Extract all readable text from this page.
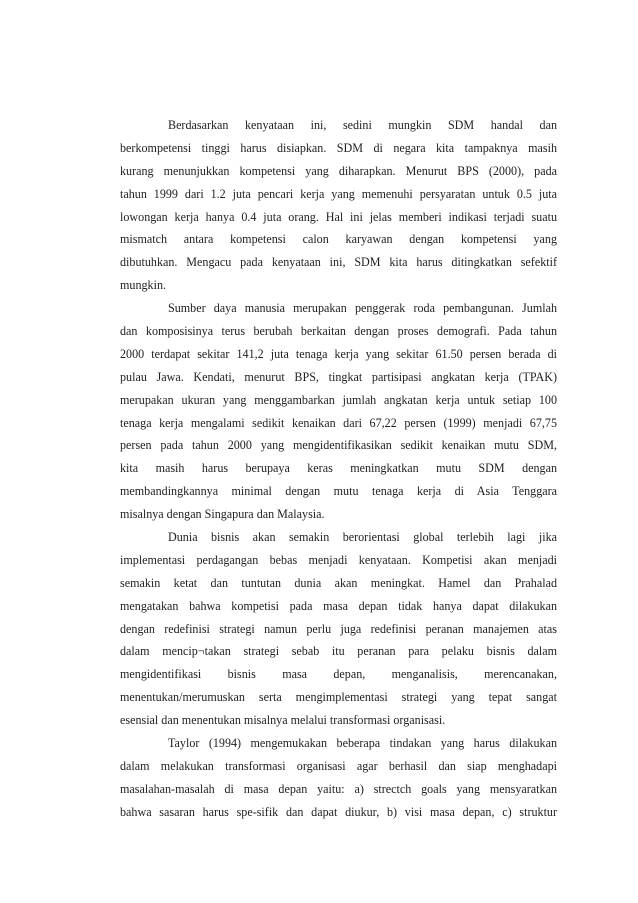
Berdasarkan kenyataan ini, sedini mungkin SDM handal dan
berkompetensi tinggi harus disiapkan. SDM di negara kita tampaknya masih
kurang menunjukkan kompetensi yang diharapkan. Menurut BPS (2000), pada
tahun 1999 dari 1.2 juta pencari kerja yang memenuhi persyaratan untuk 0.5 juta
lowongan kerja hanya 0.4 juta orang. Hal ini jelas memberi indikasi terjadi suatu
mismatch antara kompetensi calon karyawan dengan kompetensi yang
dibutuhkan. Mengacu pada kenyataan ini, SDM kita harus ditingkatkan sefektif
mungkin.
Sumber daya manusia merupakan penggerak roda pembangunan. Jumlah
dan komposisinya terus berubah berkaitan dengan proses demografi. Pada tahun
2000 terdapat sekitar 141,2 juta tenaga kerja yang sekitar 61.50 persen berada di
pulau Jawa. Kendati, menurut BPS, tingkat partisipasi angkatan kerja (TPAK)
merupakan ukuran yang menggambarkan jumlah angkatan kerja untuk setiap 100
tenaga kerja mengalami sedikit kenaikan dari 67,22 persen (1999) menjadi 67,75
persen pada tahun 2000 yang mengidentifikasikan sedikit kenaikan mutu SDM,
kita masih harus berupaya keras meningkatkan mutu SDM dengan
membandingkannya minimal dengan mutu tenaga kerja di Asia Tenggara
misalnya dengan Singapura dan Malaysia.
Dunia bisnis akan semakin berorientasi global terlebih lagi jika
implementasi perdagangan bebas menjadi kenyataan. Kompetisi akan menjadi
semakin ketat dan tuntutan dunia akan meningkat. Hamel dan Prahalad
mengatakan bahwa kompetisi pada masa depan tidak hanya dapat dilakukan
dengan redefinisi strategi namun perlu juga redefinisi peranan manajemen atas
dalam mencip¬takan strategi sebab itu peranan para pelaku bisnis dalam
mengidentifikasi bisnis masa depan, menganalisis, merencanakan,
menentukan/merumuskan serta mengimplementasi strategi yang tepat sangat
esensial dan menentukan misalnya melalui transformasi organisasi.
Taylor (1994) mengemukakan beberapa tindakan yang harus dilakukan
dalam melakukan transformasi organisasi agar berhasil dan siap menghadapi
masalahan-masalah di masa depan yaitu: a) strectch goals yang mensyaratkan
bahwa sasaran harus spe-sifik dan dapat diukur, b) visi masa depan, c) struktur
